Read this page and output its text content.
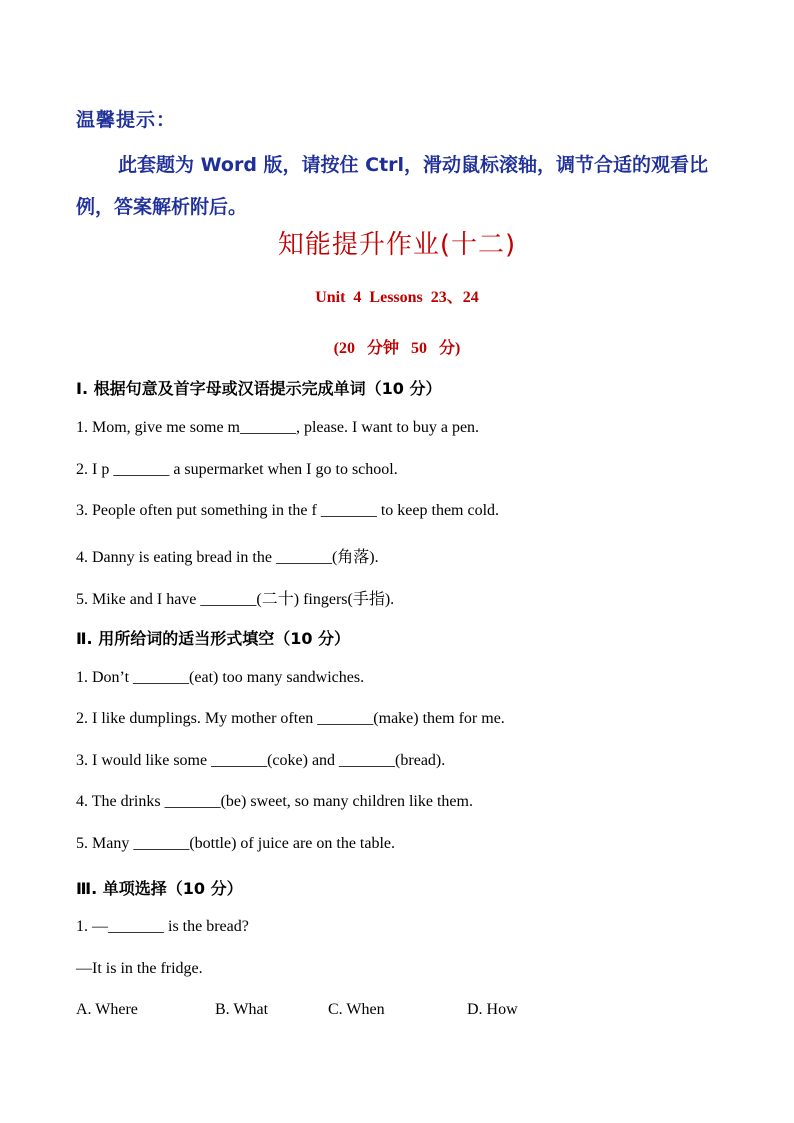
温馨提示：
此套题为 Word 版，请按住 Ctrl，滑动鼠标滚轴，调节合适的观看比例，答案解析附后。
知能提升作业(十二)
Unit 4 Lessons 23、24
(20 分钟 50 分)
Ⅰ. 根据句意及首字母或汉语提示完成单词（10 分）
1. Mom, give me some m_______, please. I want to buy a pen.
2. I p _______ a supermarket when I go to school.
3. People often put something in the f _______ to keep them cold.
4. Danny is eating bread in the _______(角落).
5. Mike and I have _______(二十) fingers(手指).
Ⅱ. 用所给词的适当形式填空（10 分）
1. Don’t _______(eat) too many sandwiches.
2. I like dumplings. My mother often _______(make) them for me.
3. I would like some _______(coke) and _______(bread).
4. The drinks _______(be) sweet, so many children like them.
5. Many _______(bottle) of juice are on the table.
Ⅲ. 单项选择（10 分）
1. —_______ is the bread?
—It is in the fridge.
A. Where	B. What	C. When	D. How
